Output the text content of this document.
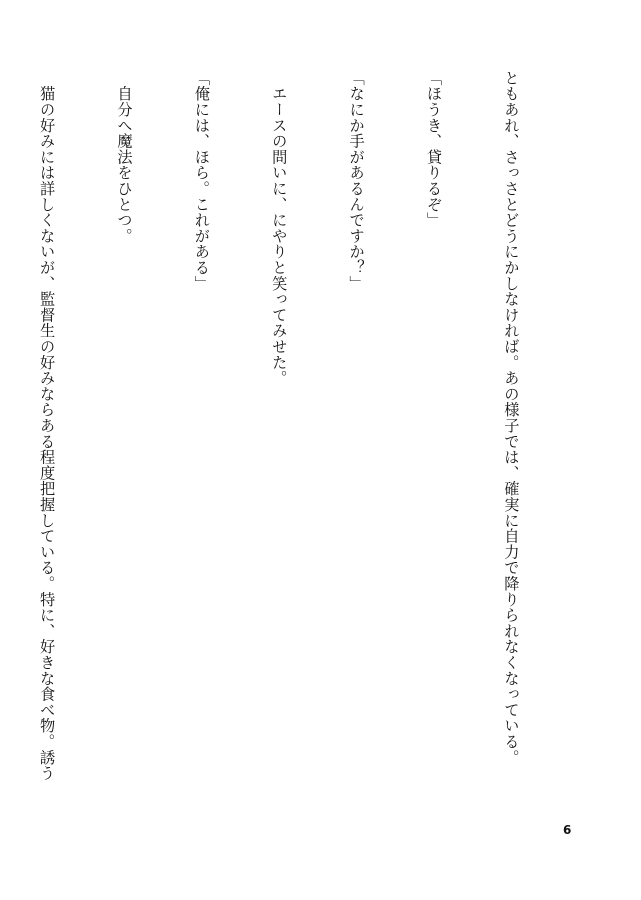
ともあれ、さっさとどうにかしなければ。あの様子では、確実に自力で降りられなくなっている。

「ほうき、貸りるぞ」

「なにか手があるんですか？」

　エースの問いに、にやりと笑ってみせた。

「俺には、ほら。これがある」

　自分へ魔法をひとつ。

　猫の好みには詳しくないが、監督生の好みならある程度把握している。特に、好きな食べ物。誘う

6
